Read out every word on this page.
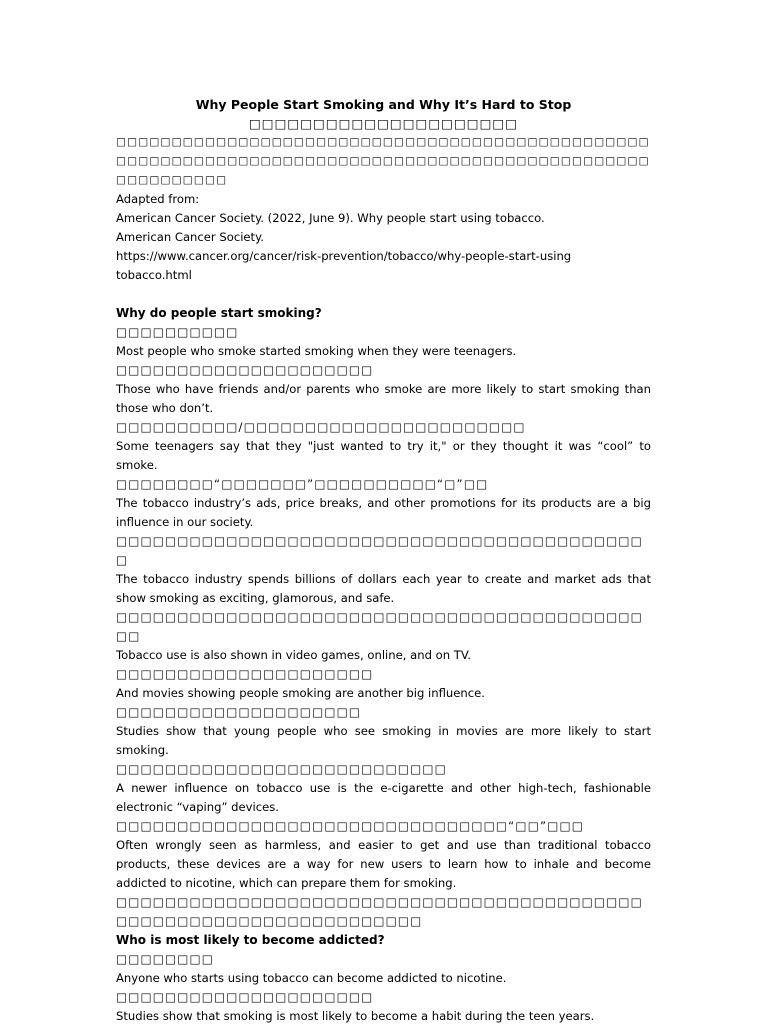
Why People Start Smoking and Why It’s Hard to Stop

□□□□□□□□□□□□□□□□□□□□□

□□□□□□□□□□□□□□□□□□□□□□□□□□□□□□□□□□□□□□□□□□□□□□□□□□□□□□□□□□□□□□□□□□□□□□□□□□□□□□□□□□□□□□□□□□□□□□□□□□□□□□□□□□

Adapted from:

American Cancer Society. (2022, June 9). Why people start using tobacco. American Cancer Society.

https://www.cancer.org/cancer/risk-prevention/tobacco/why-people-start-using

tobacco.html

Why do people start smoking?

□□□□□□□□□□

Most people who smoke started smoking when they were teenagers.

□□□□□□□□□□□□□□□□□□□□□

Those who have friends and/or parents who smoke are more likely to start smoking than those who don’t.

□□□□□□□□□□/□□□□□□□□□□□□□□□□□□□□□□□

Some teenagers say that they "just wanted to try it," or they thought it was “cool” to smoke.

□□□□□□□□“□□□□□□□”□□□□□□□□□□“□”□□

The tobacco industry’s ads, price breaks, and other promotions for its products are a big influence in our society.

□□□□□□□□□□□□□□□□□□□□□□□□□□□□□□□□□□□□□□□□□□□□

The tobacco industry spends billions of dollars each year to create and market ads that show smoking as exciting, glamorous, and safe.

□□□□□□□□□□□□□□□□□□□□□□□□□□□□□□□□□□□□□□□□□□□□□

Tobacco use is also shown in video games, online, and on TV.

□□□□□□□□□□□□□□□□□□□□□

And movies showing people smoking are another big influence.

□□□□□□□□□□□□□□□□□□□□

Studies show that young people who see smoking in movies are more likely to start smoking.

□□□□□□□□□□□□□□□□□□□□□□□□□□□

A newer influence on tobacco use is the e-cigarette and other high-tech, fashionable electronic “vaping” devices.

□□□□□□□□□□□□□□□□□□□□□□□□□□□□□□□□“□□”□□□

Often wrongly seen as harmless, and easier to get and use than traditional tobacco products, these devices are a way for new users to learn how to inhale and become addicted to nicotine, which can prepare them for smoking.

□□□□□□□□□□□□□□□□□□□□□□□□□□□□□□□□□□□□□□□□□□□□□□□□□□□□□□□□□□□□□□□□□□□□

Who is most likely to become addicted?

□□□□□□□□

Anyone who starts using tobacco can become addicted to nicotine.

□□□□□□□□□□□□□□□□□□□□□

Studies show that smoking is most likely to become a habit during the teen years.
